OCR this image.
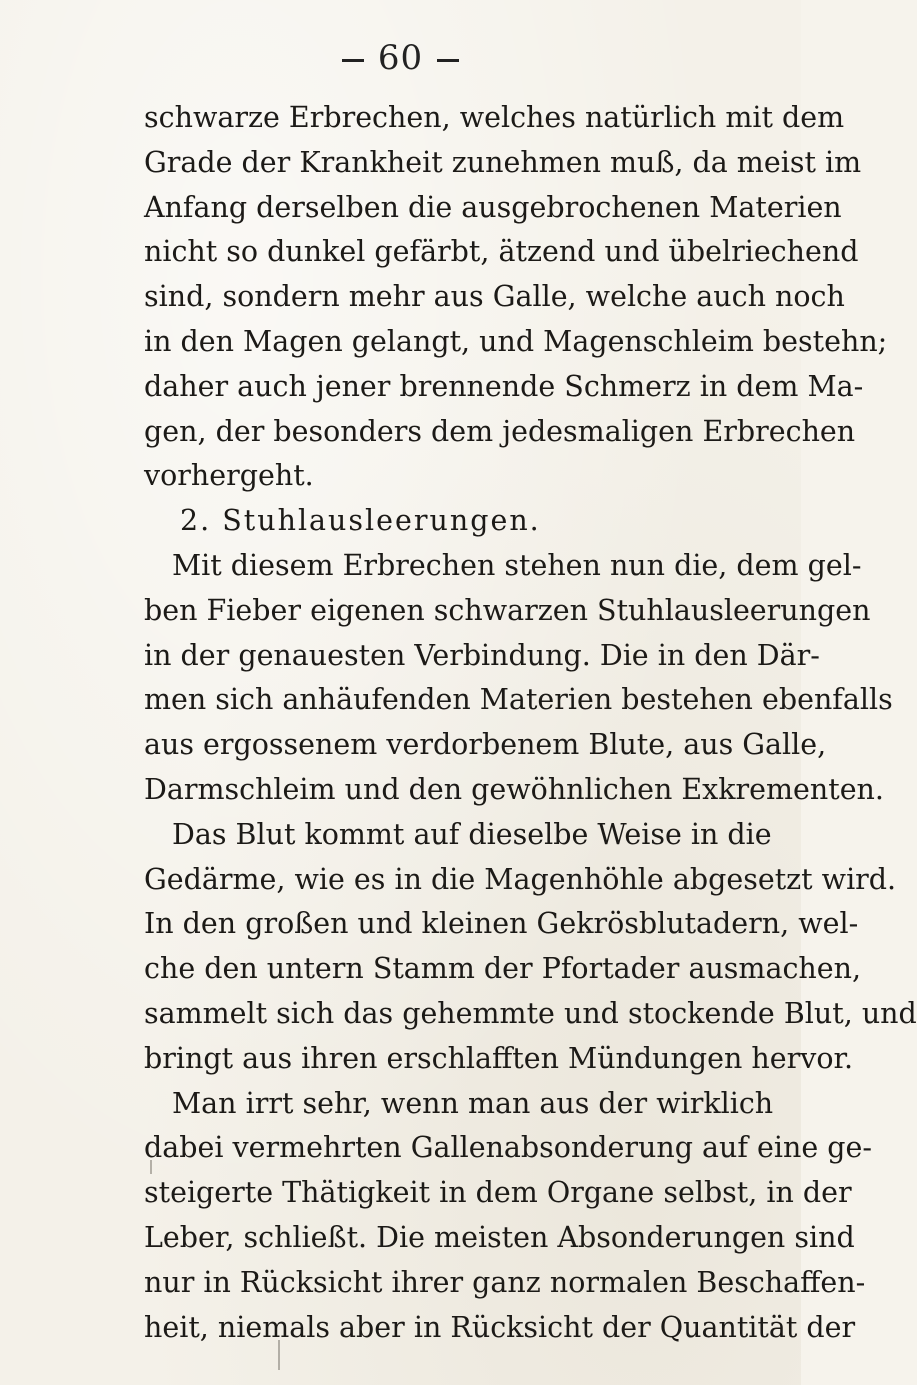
60
schwarze Erbrechen, welches natürlich mit dem
Grade der Krankheit zunehmen muß, da meist im
Anfang derselben die ausgebrochenen Materien
nicht so dunkel gefärbt, ätzend und übelriechend
sind, sondern mehr aus Galle, welche auch noch
in den Magen gelangt, und Magenschleim bestehn;
daher auch jener brennende Schmerz in dem Ma-
gen, der besonders dem jedesmaligen Erbrechen
vorhergeht.
2. Stuhlausleerungen.
Mit diesem Erbrechen stehen nun die, dem gel-
ben Fieber eigenen schwarzen Stuhlausleerungen
in der genauesten Verbindung. Die in den Där-
men sich anhäufenden Materien bestehen ebenfalls
aus ergossenem verdorbenem Blute, aus Galle,
Darmschleim und den gewöhnlichen Exkrementen.
Das Blut kommt auf dieselbe Weise in die
Gedärme, wie es in die Magenhöhle abgesetzt wird.
In den großen und kleinen Gekrösblutadern, wel-
che den untern Stamm der Pfortader ausmachen,
sammelt sich das gehemmte und stockende Blut, und
bringt aus ihren erschlafften Mündungen hervor.
Man irrt sehr, wenn man aus der wirklich
dabei vermehrten Gallenabsonderung auf eine ge-
steigerte Thätigkeit in dem Organe selbst, in der
Leber, schließt. Die meisten Absonderungen sind
nur in Rücksicht ihrer ganz normalen Beschaffen-
heit, niemals aber in Rücksicht der Quantität der
